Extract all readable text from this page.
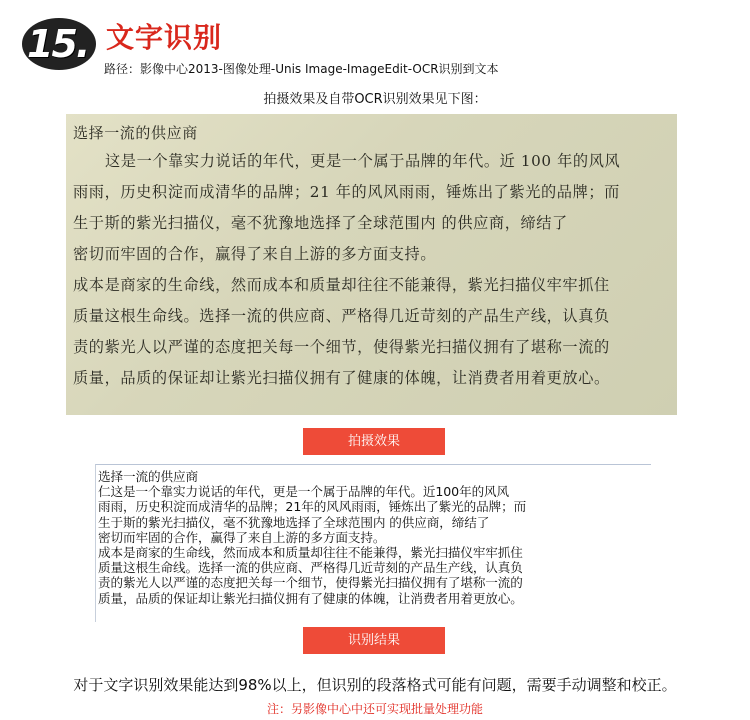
15. 文字识别
路径：影像中心2013-图像处理-Unis Image-ImageEdit-OCR识别到文本
拍摄效果及自带OCR识别效果见下图：

选择一流的供应商

这是一个靠实力说话的年代，更是一个属于品牌的年代。近 100 年的风风

雨雨，历史积淀而成清华的品牌；21 年的风风雨雨，锤炼出了紫光的品牌；而

生于斯的紫光扫描仪，毫不犹豫地选择了全球范围内 的供应商，缔结了

密切而牢固的合作，赢得了来自上游的多方面支持。

成本是商家的生命线，然而成本和质量却往往不能兼得，紫光扫描仪牢牢抓住

质量这根生命线。选择一流的供应商、严格得几近苛刻的产品生产线，认真负

责的紫光人以严谨的态度把关每一个细节，使得紫光扫描仪拥有了堪称一流的

质量，品质的保证却让紫光扫描仪拥有了健康的体魄，让消费者用着更放心。

拍摄效果

选择一流的供应商

仁这是一个靠实力说话的年代，更是一个属于品牌的年代。近100年的风风

雨雨，历史积淀而成清华的品牌；21年的风风雨雨，锤炼出了紫光的品牌；而

生于斯的紫光扫描仪，毫不犹豫地选择了全球范围内 的供应商，缔结了

密切而牢固的合作，赢得了来自上游的多方面支持。

成本是商家的生命线，然而成本和质量却往往不能兼得，紫光扫描仪牢牢抓住

质量这根生命线。选择一流的供应商、严格得几近苛刻的产品生产线，认真负

责的紫光人以严谨的态度把关每一个细节，使得紫光扫描仪拥有了堪称一流的

质量，品质的保证却让紫光扫描仪拥有了健康的体魄，让消费者用着更放心。

识别结果
对于文字识别效果能达到98%以上，但识别的段落格式可能有问题，需要手动调整和校正。
注：另影像中心中还可实现批量处理功能
